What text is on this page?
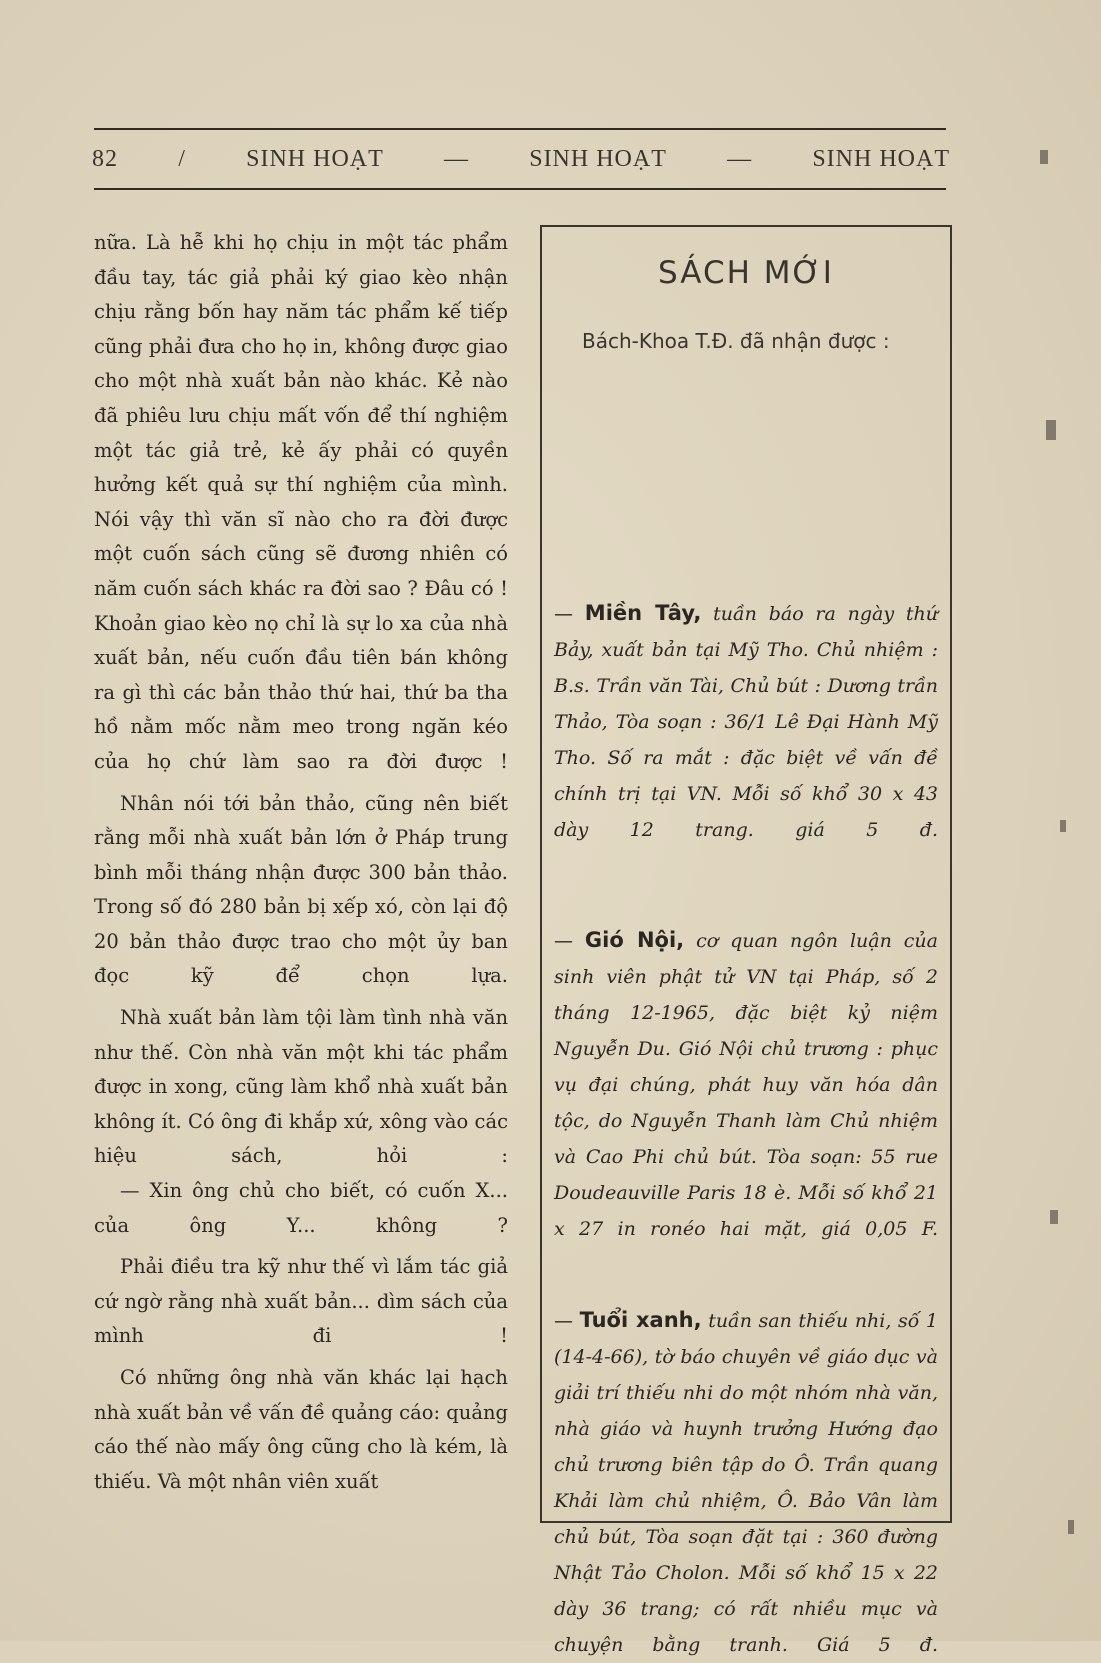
82	/	SINH HOẠT	—	SINH HOẠT	—	SINH HOẠT

nữa. Là hễ khi họ chịu in một tác phẩm đầu tay, tác giả phải ký giao kèo nhận chịu rằng bốn hay năm tác phẩm kế tiếp cũng phải đưa cho họ in, không được giao cho một nhà xuất bản nào khác. Kẻ nào đã phiêu lưu chịu mất vốn để thí nghiệm một tác giả trẻ, kẻ ấy phải có quyền hưởng kết quả sự thí nghiệm của mình. Nói vậy thì văn sĩ nào cho ra đời được một cuốn sách cũng sẽ đương nhiên có năm cuốn sách khác ra đời sao ? Đâu có ! Khoản giao kèo nọ chỉ là sự lo xa của nhà xuất bản, nếu cuốn đầu tiên bán không ra gì thì các bản thảo thứ hai, thứ ba tha hồ nằm mốc nằm meo trong ngăn kéo của họ chứ làm sao ra đời được !

Nhân nói tới bản thảo, cũng nên biết rằng mỗi nhà xuất bản lớn ở Pháp trung bình mỗi tháng nhận được 300 bản thảo. Trong số đó 280 bản bị xếp xó, còn lại độ 20 bản thảo được trao cho một ủy ban đọc kỹ để chọn lựa.

Nhà xuất bản làm tội làm tình nhà văn như thế. Còn nhà văn một khi tác phẩm được in xong, cũng làm khổ nhà xuất bản không ít. Có ông đi khắp xứ, xông vào các hiệu sách, hỏi :

— Xin ông chủ cho biết, có cuốn X... của ông Y... không ?

Phải điều tra kỹ như thế vì lắm tác giả cứ ngờ rằng nhà xuất bản... dìm sách của mình đi !

Có những ông nhà văn khác lại hạch nhà xuất bản về vấn đề quảng cáo: quảng cáo thế nào mấy ông cũng cho là kém, là thiếu. Và một nhân viên xuất

SÁCH MỚI
Bách-Khoa T.Đ. đã nhận được :
— Miền Tây, tuần báo ra ngày thứ Bảy, xuất bản tại Mỹ Tho. Chủ nhiệm : B.s. Trần văn Tài, Chủ bút : Dương trần Thảo, Tòa soạn : 36/1 Lê Đại Hành Mỹ Tho. Số ra mắt : đặc biệt về vấn đề chính trị tại VN. Mỗi số khổ 30 x 43 dày 12 trang. giá 5 đ.
— Gió Nội, cơ quan ngôn luận của sinh viên phật tử VN tại Pháp, số 2 tháng 12-1965, đặc biệt kỷ niệm Nguyễn Du. Gió Nội chủ trương : phục vụ đại chúng, phát huy văn hóa dân tộc, do Nguyễn Thanh làm Chủ nhiệm và Cao Phi chủ bút. Tòa soạn: 55 rue Doudeauville Paris 18 è. Mỗi số khổ 21 x 27 in ronéo hai mặt, giá 0,05 F.
— Tuổi xanh, tuần san thiếu nhi, số 1 (14-4-66), tờ báo chuyên về giáo dục và giải trí thiếu nhi do một nhóm nhà văn, nhà giáo và huynh trưởng Hướng đạo chủ trương biên tập do Ô. Trần quang Khải làm chủ nhiệm, Ô. Bảo Vân làm chủ bút, Tòa soạn đặt tại : 360 đường Nhật Tảo Cholon. Mỗi số khổ 15 x 22 dày 36 trang; có rất nhiều mục và chuyện bằng tranh. Giá 5 đ.
